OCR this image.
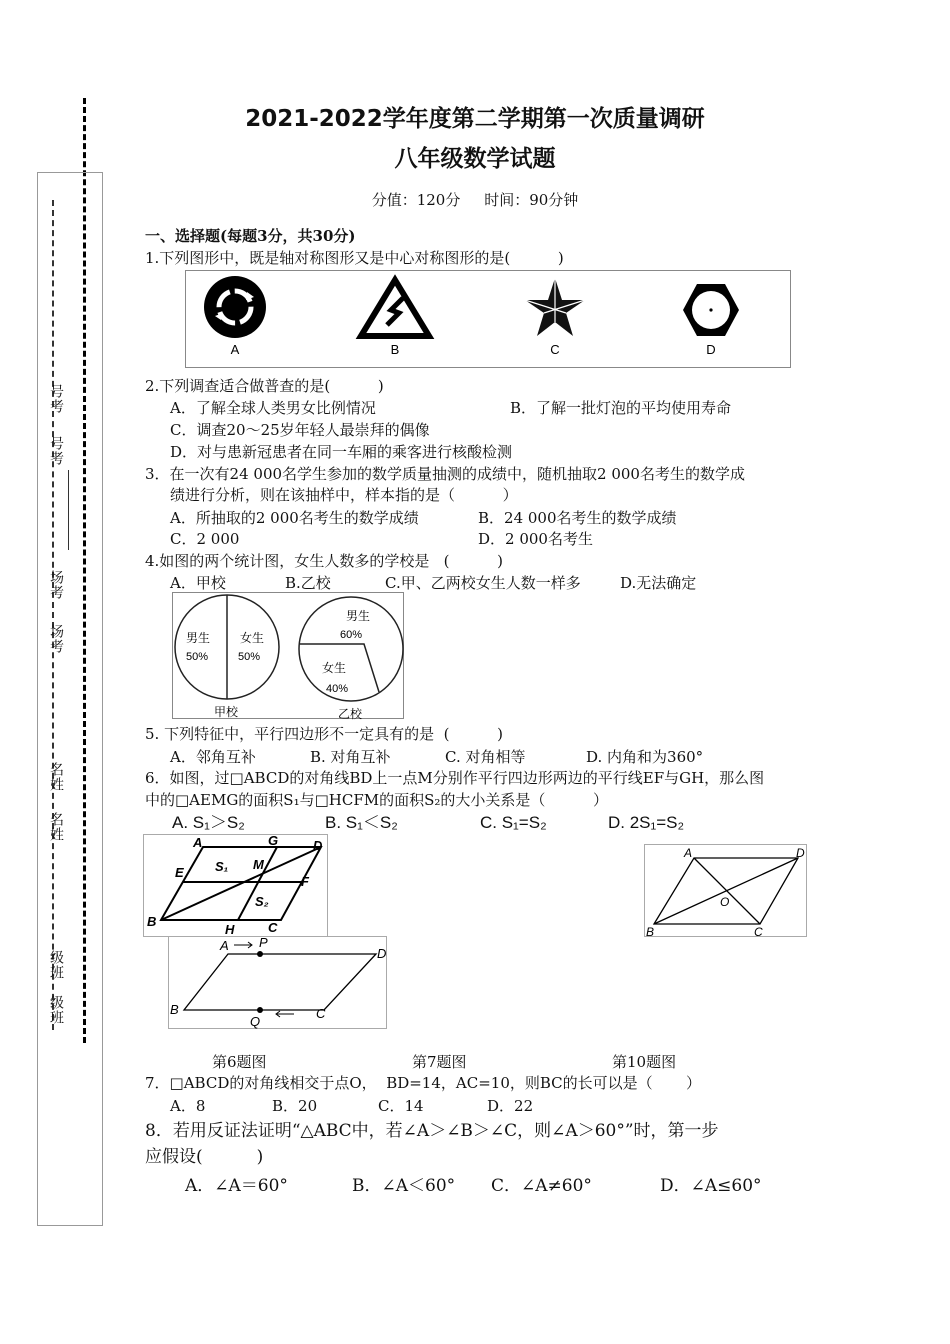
号考
号考
场考
场考
名姓
名姓
级班
级班
2021-2022学年度第二学期第一次质量调研
八年级数学试题
分值：120分     时间：90分钟
一、选择题(每题3分，共30分)
1.下列图形中，既是轴对称图形又是中心对称图形的是(          )
A	B	C	D
2.下列调查适合做普查的是(          )
A．了解全球人类男女比例情况	B．了解一批灯泡的平均使用寿命
C．调查20～25岁年轻人最崇拜的偶像
D．对与患新冠患者在同一车厢的乘客进行核酸检测
3．在一次有24 000名学生参加的数学质量抽测的成绩中，随机抽取2 000名考生的数学成
绩进行分析，则在该抽样中，样本指的是（          ）
A．所抽取的2 000名考生的数学成绩	B．24 000名考生的数学成绩
C．2 000	D．2 000名考生
4.如图的两个统计图，女生人数多的学校是   (          )
A．甲校	B.乙校	C.甲、乙两校女生人数一样多	D.无法确定
男生
50%
女生
50%
甲校
男生
60%
女生
40%
乙校
5. 下列特征中，平行四边形不一定具有的是  (          )
A．邻角互补	B. 对角互补	C. 对角相等	D. 内角和为360°
6．如图，过□ABCD的对角线BD上一点M分别作平行四边形两边的平行线EF与GH，那么图
中的□AEMG的面积S₁与□HCFM的面积S₂的大小关系是（          ）
A. S₁＞S₂	B. S₁＜S₂	C. S₁=S₂	D. 2S₁=S₂
A	G	D
E
M
F
B
H	C
S₁
S₂
A P
D
B
Q
C
A	D
O
B	C
第6题图	第7题图	第10题图
7．□ABCD的对角线相交于点O，  BD=14，AC=10，则BC的长可以是（       ）
A．8	B．20	C．14	D．22
8．若用反证法证明“△ABC中，若∠A＞∠B＞∠C，则∠A＞60°”时，第一步
应假设(          )
A．∠A＝60°	B．∠A＜60° C．∠A≠60°	D．∠A≤60°
